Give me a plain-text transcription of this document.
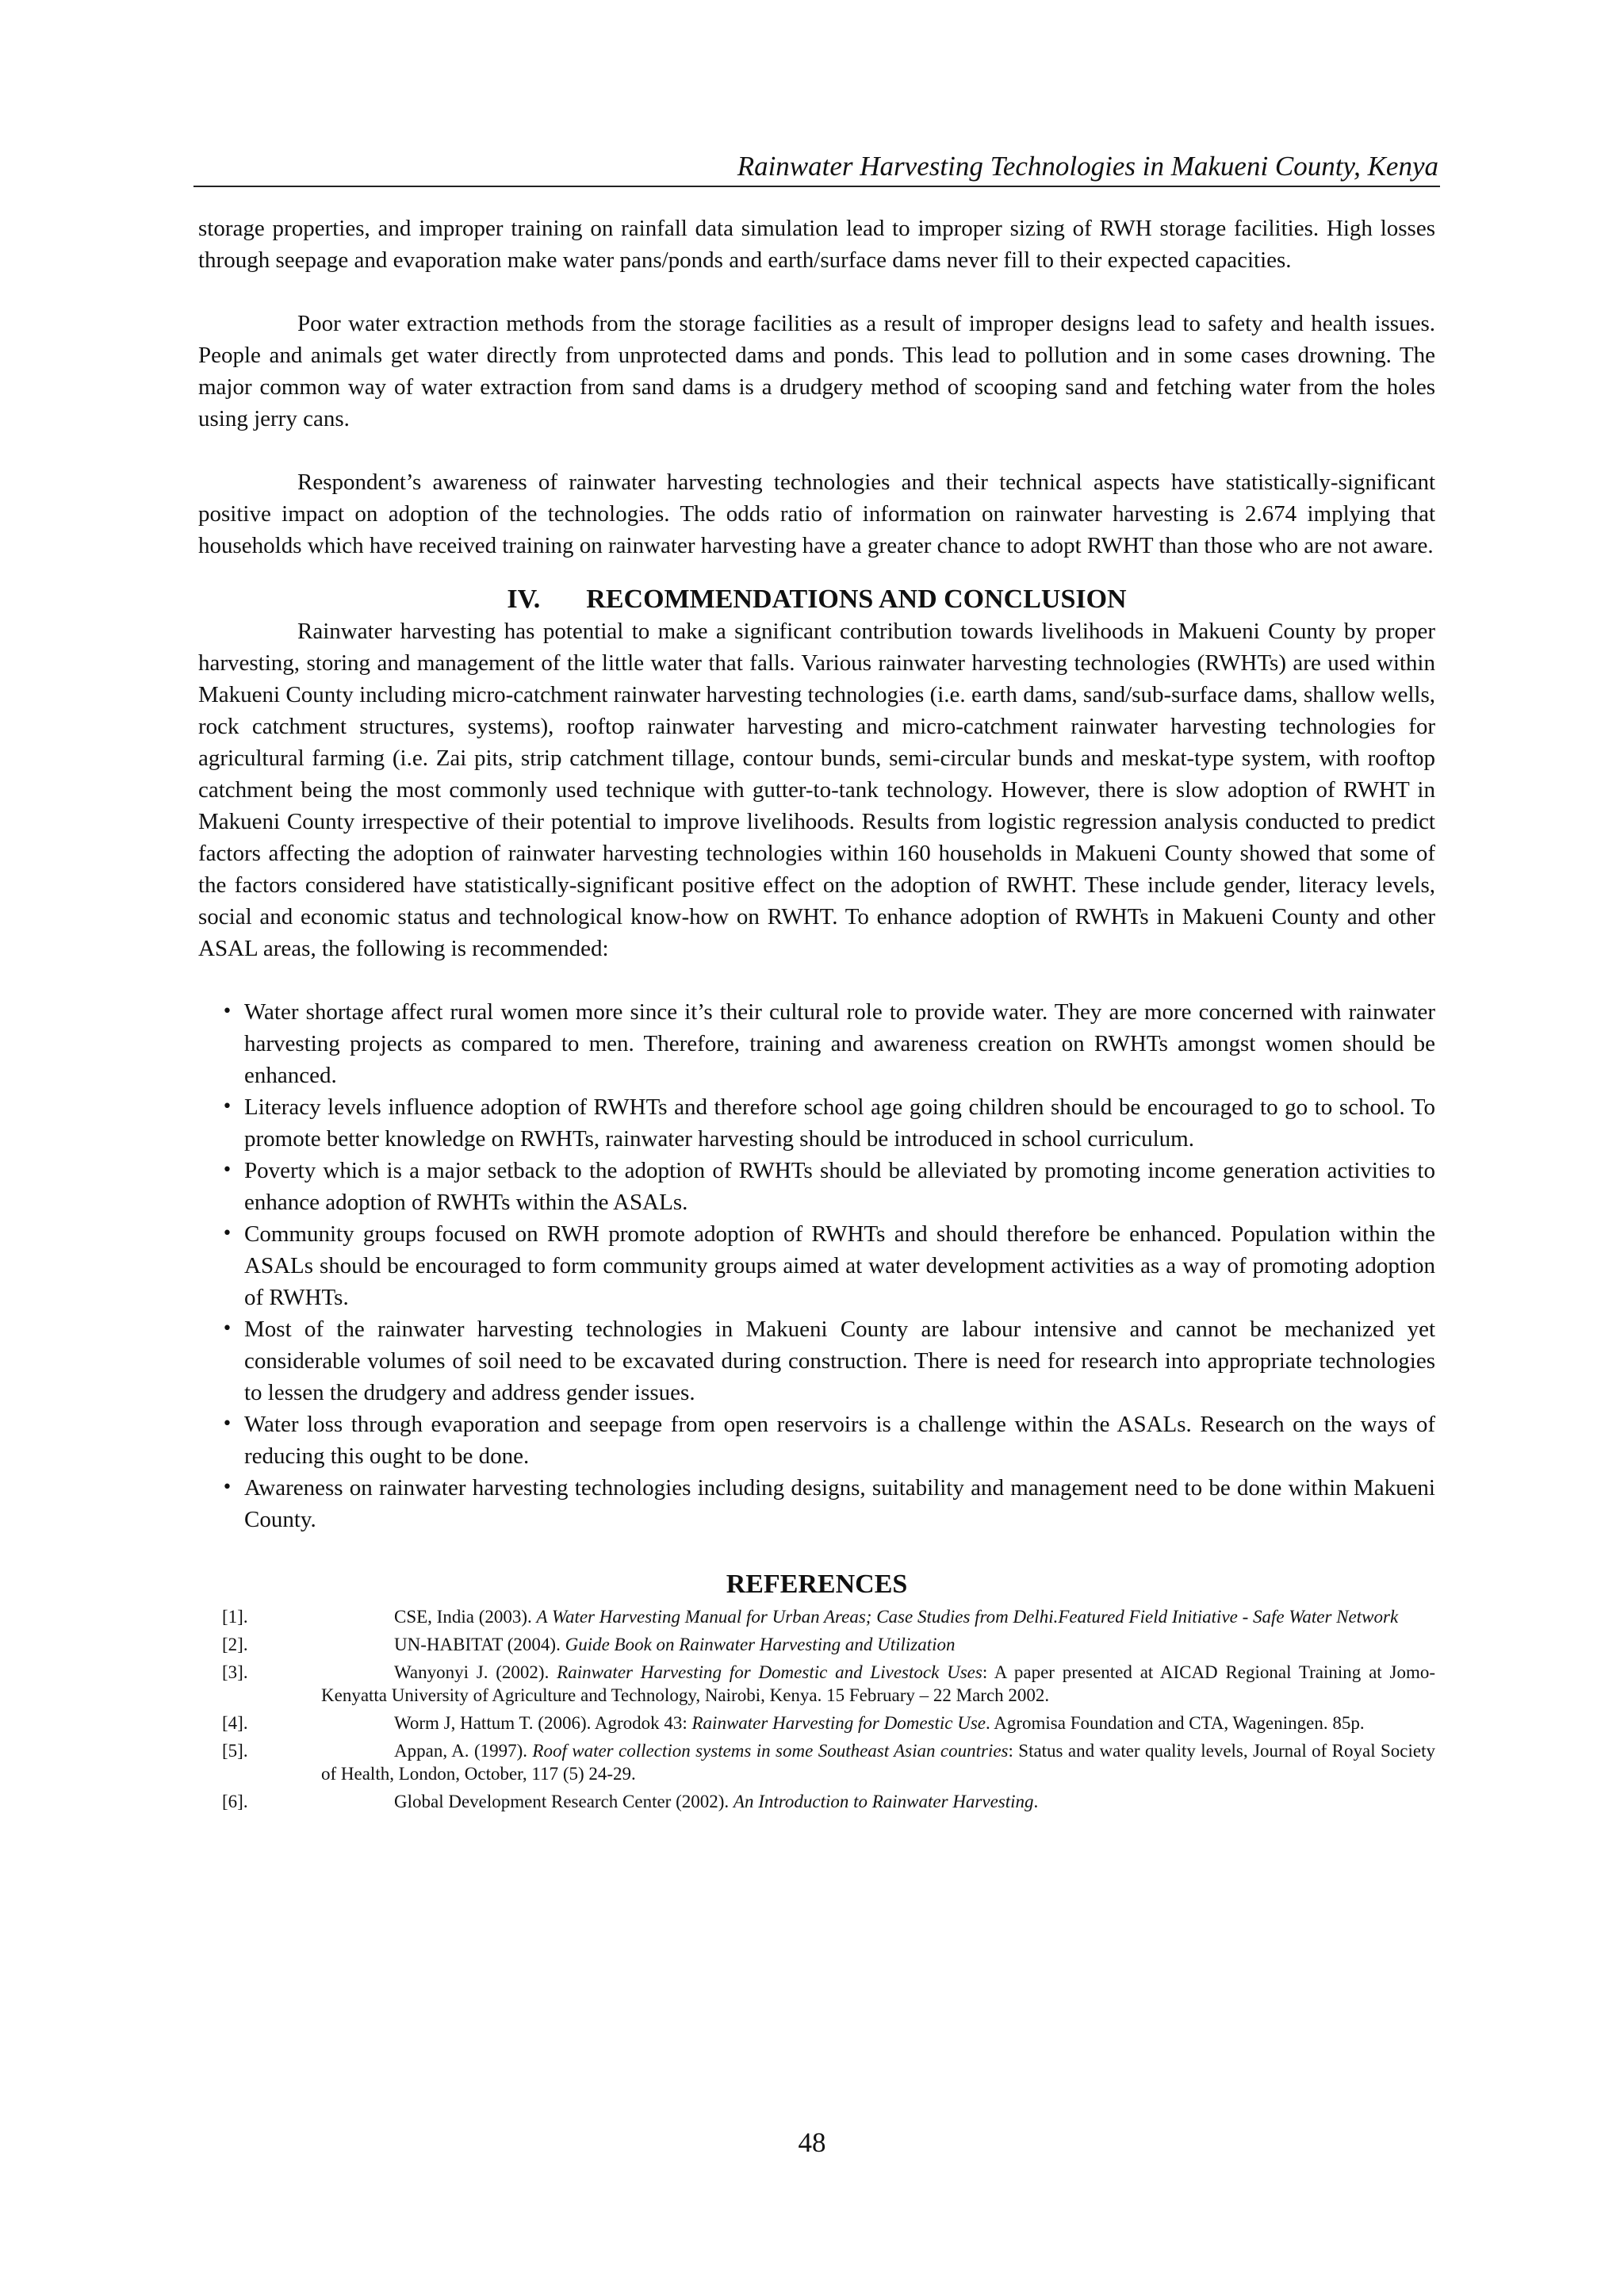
Rainwater Harvesting Technologies in Makueni County, Kenya

storage properties, and improper training on rainfall data simulation lead to improper sizing of RWH storage facilities. High losses through seepage and evaporation make water pans/ponds and earth/surface dams never fill to their expected capacities.

Poor water extraction methods from the storage facilities as a result of improper designs lead to safety and health issues. People and animals get water directly from unprotected dams and ponds. This lead to pollution and in some cases drowning. The major common way of water extraction from sand dams is a drudgery method of scooping sand and fetching water from the holes using jerry cans.

Respondent’s awareness of rainwater harvesting technologies and their technical aspects have statistically-significant positive impact on adoption of the technologies. The odds ratio of information on rainwater harvesting is 2.674 implying that households which have received training on rainwater harvesting have a greater chance to adopt RWHT than those who are not aware.

IV. RECOMMENDATIONS AND CONCLUSION

Rainwater harvesting has potential to make a significant contribution towards livelihoods in Makueni County by proper harvesting, storing and management of the little water that falls. Various rainwater harvesting technologies (RWHTs) are used within Makueni County including micro-catchment rainwater harvesting technologies (i.e. earth dams, sand/sub-surface dams, shallow wells, rock catchment structures, systems), rooftop rainwater harvesting and micro-catchment rainwater harvesting technologies for agricultural farming (i.e. Zai pits, strip catchment tillage, contour bunds, semi-circular bunds and meskat-type system, with rooftop catchment being the most commonly used technique with gutter-to-tank technology. However, there is slow adoption of RWHT in Makueni County irrespective of their potential to improve livelihoods. Results from logistic regression analysis conducted to predict factors affecting the adoption of rainwater harvesting technologies within 160 households in Makueni County showed that some of the factors considered have statistically-significant positive effect on the adoption of RWHT. These include gender, literacy levels, social and economic status and technological know-how on RWHT. To enhance adoption of RWHTs in Makueni County and other ASAL areas, the following is recommended:

• Water shortage affect rural women more since it’s their cultural role to provide water. They are more concerned with rainwater harvesting projects as compared to men. Therefore, training and awareness creation on RWHTs amongst women should be enhanced.
• Literacy levels influence adoption of RWHTs and therefore school age going children should be encouraged to go to school. To promote better knowledge on RWHTs, rainwater harvesting should be introduced in school curriculum.
• Poverty which is a major setback to the adoption of RWHTs should be alleviated by promoting income generation activities to enhance adoption of RWHTs within the ASALs.
• Community groups focused on RWH promote adoption of RWHTs and should therefore be enhanced. Population within the ASALs should be encouraged to form community groups aimed at water development activities as a way of promoting adoption of RWHTs.
• Most of the rainwater harvesting technologies in Makueni County are labour intensive and cannot be mechanized yet considerable volumes of soil need to be excavated during construction. There is need for research into appropriate technologies to lessen the drudgery and address gender issues.
• Water loss through evaporation and seepage from open reservoirs is a challenge within the ASALs. Research on the ways of reducing this ought to be done.
• Awareness on rainwater harvesting technologies including designs, suitability and management need to be done within Makueni County.
REFERENCES
[1].	CSE, India (2003). A Water Harvesting Manual for Urban Areas; Case Studies from Delhi.Featured Field Initiative - Safe Water Network
[2].	UN-HABITAT (2004). Guide Book on Rainwater Harvesting and Utilization
[3].	Wanyonyi J. (2002). Rainwater Harvesting for Domestic and Livestock Uses: A paper presented at AICAD Regional Training at Jomo-Kenyatta University of Agriculture and Technology, Nairobi, Kenya. 15 February – 22 March 2002.
[4].	Worm J, Hattum T. (2006). Agrodok 43: Rainwater Harvesting for Domestic Use. Agromisa Foundation and CTA, Wageningen. 85p.
[5].	Appan, A. (1997). Roof water collection systems in some Southeast Asian countries: Status and water quality levels, Journal of Royal Society of Health, London, October, 117 (5) 24-29.
[6].	Global Development Research Center (2002). An Introduction to Rainwater Harvesting.
48
